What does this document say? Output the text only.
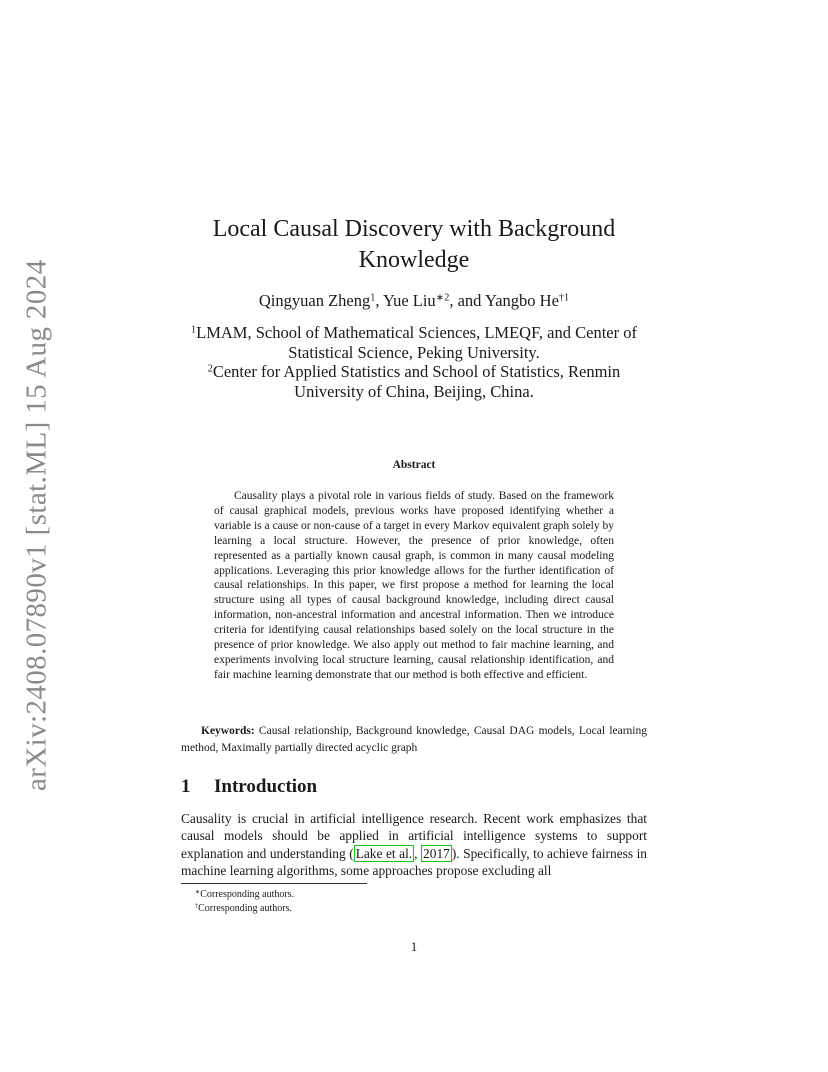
arXiv:2408.07890v1 [stat.ML] 15 Aug 2024
Local Causal Discovery with Background
Knowledge
Qingyuan Zheng$^1$, Yue Liu$^{∗2}$, and Yangbo He$^{\dagger 1}$
$^1$LMAM, School of Mathematical Sciences, LMEQF, and Center of
Statistical Science, Peking University.
$^2$Center for Applied Statistics and School of Statistics, Renmin
University of China, Beijing, China.
Abstract

Causality plays a pivotal role in various fields of study. Based on the framework of causal graphical models, previous works have proposed identifying whether a variable is a cause or non-cause of a target in every Markov equivalent graph solely by learning a local structure. However, the presence of prior knowledge, often represented as a partially known causal graph, is common in many causal modeling applications. Leveraging this prior knowledge allows for the further identification of causal relationships. In this paper, we first propose a method for learning the local structure using all types of causal background knowledge, including direct causal information, non-ancestral information and ancestral information. Then we introduce criteria for identifying causal relationships based solely on the local structure in the presence of prior knowledge. We also apply out method to fair machine learning, and experiments involving local structure learning, causal relationship identification, and fair machine learning demonstrate that our method is both effective and efficient.

Keywords: Causal relationship, Background knowledge, Causal DAG models, Local learning method, Maximally partially directed acyclic graph

1 Introduction

Causality is crucial in artificial intelligence research. Recent work emphasizes that causal models should be applied in artificial intelligence systems to support explanation and understanding ( Lake et al. , 2017 ). Specifically, to achieve fairness in machine learning algorithms, some approaches propose excluding all

∗Corresponding authors.
†Corresponding authors.
1
